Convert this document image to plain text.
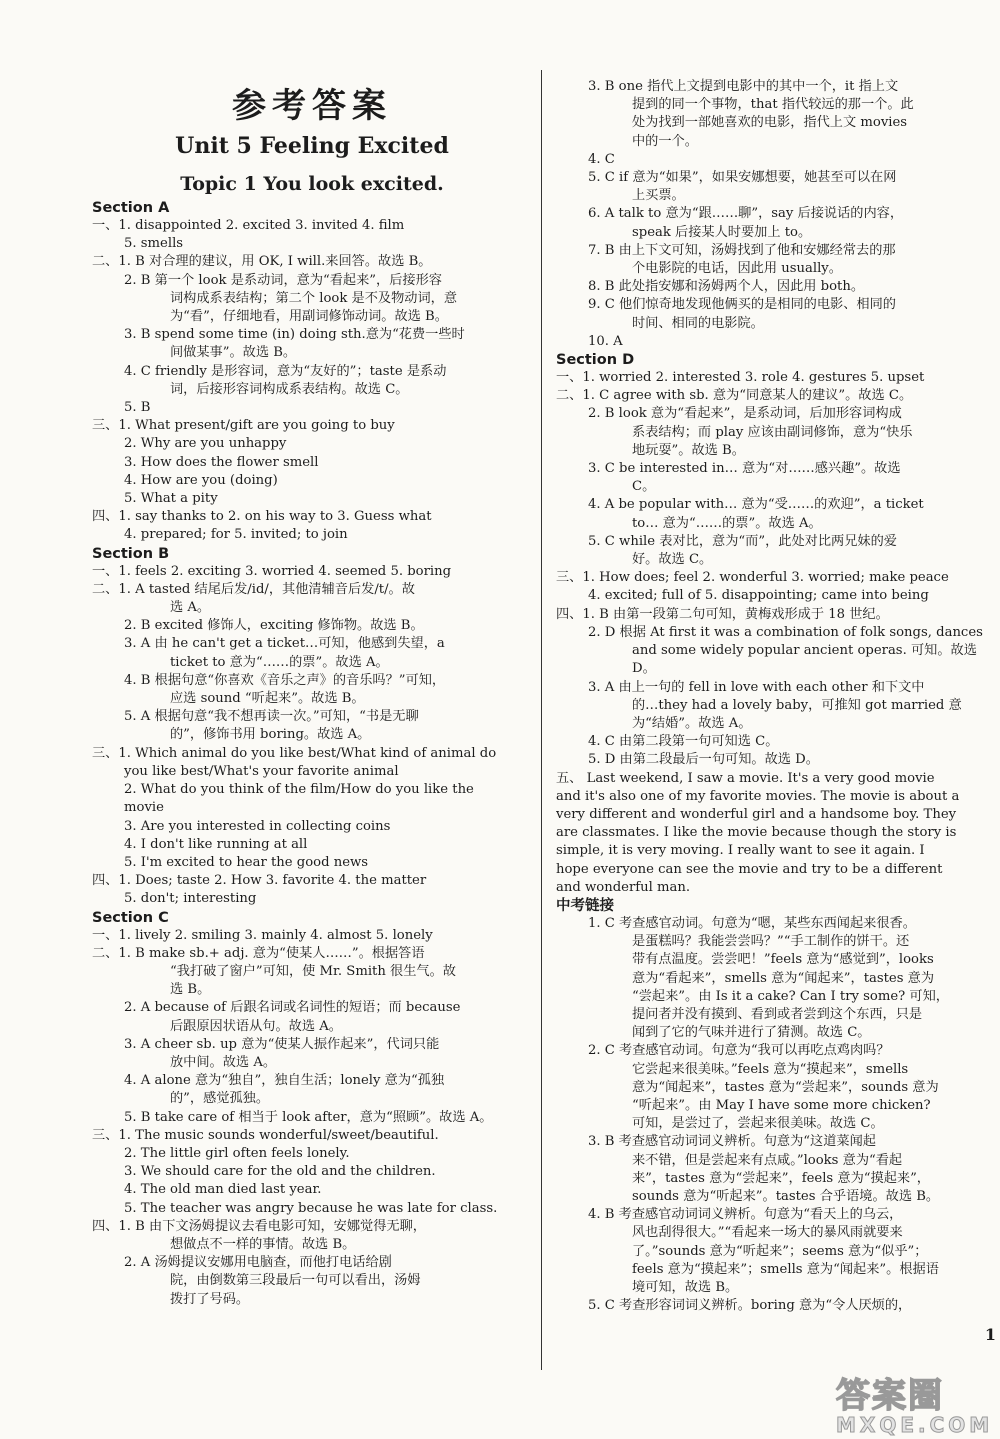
参考答案
Unit 5 Feeling Excited
Topic 1 You look excited.
Section A
一、1. disappointed 2. excited 3. invited 4. film
5. smells
二、1. B 对合理的建议，用 OK, I will.来回答。故选 B。
2. B 第一个 look 是系动词，意为“看起来”，后接形容
词构成系表结构；第二个 look 是不及物动词，意
为“看”，仔细地看，用副词修饰动词。故选 B。
3. B spend some time (in) doing sth.意为“花费一些时
间做某事”。故选 B。
4. C friendly 是形容词，意为“友好的”；taste 是系动
词，后接形容词构成系表结构。故选 C。
5. B
三、1. What present/gift are you going to buy
2. Why are you unhappy
3. How does the flower smell
4. How are you (doing)
5. What a pity
四、1. say thanks to 2. on his way to 3. Guess what
4. prepared; for 5. invited; to join
Section B
一、1. feels 2. exciting 3. worried 4. seemed 5. boring
二、1. A tasted 结尾后发/id/，其他清辅音后发/t/。故
选 A。
2. B excited 修饰人，exciting 修饰物。故选 B。
3. A 由 he can't get a ticket…可知，他感到失望，a
ticket to 意为“……的票”。故选 A。
4. B 根据句意“你喜欢《音乐之声》的音乐吗？”可知，
应选 sound “听起来”。故选 B。
5. A 根据句意“我不想再读一次。”可知，“书是无聊
的”，修饰书用 boring。故选 A。
三、1. Which animal do you like best/What kind of animal do
you like best/What's your favorite animal
2. What do you think of the film/How do you like the
movie
3. Are you interested in collecting coins
4. I don't like running at all
5. I'm excited to hear the good news
四、1. Does; taste 2. How 3. favorite 4. the matter
5. don't; interesting
Section C
一、1. lively 2. smiling 3. mainly 4. almost 5. lonely
二、1. B make sb.+ adj. 意为“使某人……”。根据答语
“我打破了窗户”可知，使 Mr. Smith 很生气。故
选 B。
2. A because of 后跟名词或名词性的短语；而 because
后跟原因状语从句。故选 A。
3. A cheer sb. up 意为“使某人振作起来”，代词只能
放中间。故选 A。
4. A alone 意为“独自”，独自生活；lonely 意为“孤独
的”，感觉孤独。
5. B take care of 相当于 look after，意为“照顾”。故选 A。
三、1. The music sounds wonderful/sweet/beautiful.
2. The little girl often feels lonely.
3. We should care for the old and the children.
4. The old man died last year.
5. The teacher was angry because he was late for class.
四、1. B 由下文汤姆提议去看电影可知，安娜觉得无聊，
想做点不一样的事情。故选 B。
2. A 汤姆提议安娜用电脑查，而他打电话给剧
院，由倒数第三段最后一句可以看出，汤姆
拨打了号码。
3. B one 指代上文提到电影中的其中一个，it 指上文
提到的同一个事物，that 指代较远的那一个。此
处为找到一部她喜欢的电影，指代上文 movies
中的一个。
4. C
5. C if 意为“如果”，如果安娜想要，她甚至可以在网
上买票。
6. A talk to 意为“跟……聊”，say 后接说话的内容，
speak 后接某人时要加上 to。
7. B 由上下文可知，汤姆找到了他和安娜经常去的那
个电影院的电话，因此用 usually。
8. B 此处指安娜和汤姆两个人，因此用 both。
9. C 他们惊奇地发现他俩买的是相同的电影、相同的
时间、相同的电影院。
10. A
Section D
一、1. worried 2. interested 3. role 4. gestures 5. upset
二、1. C agree with sb. 意为“同意某人的建议”。故选 C。
2. B look 意为“看起来”，是系动词，后加形容词构成
系表结构；而 play 应该由副词修饰，意为“快乐
地玩耍”。故选 B。
3. C be interested in… 意为“对……感兴趣”。故选
C。
4. A be popular with… 意为“受……的欢迎”，a ticket
to… 意为“……的票”。故选 A。
5. C while 表对比，意为“而”，此处对比两兄妹的爱
好。故选 C。
三、1. How does; feel 2. wonderful 3. worried; make peace
4. excited; full of 5. disappointing; came into being
四、1. B 由第一段第二句可知，黄梅戏形成于 18 世纪。
2. D 根据 At first it was a combination of folk songs, dances
and some widely popular ancient operas. 可知。故选
D。
3. A 由上一句的 fell in love with each other 和下文中
的…they had a lovely baby，可推知 got married 意
为“结婚”。故选 A。
4. C 由第二段第一句可知选 C。
5. D 由第二段最后一句可知。故选 D。
五、 Last weekend, I saw a movie. It's a very good movie
and it's also one of my favorite movies. The movie is about a
very different and wonderful girl and a handsome boy. They
are classmates. I like the movie because though the story is
simple, it is very moving. I really want to see it again. I
hope everyone can see the movie and try to be a different
and wonderful man.
中考链接
1. C 考查感官动词。句意为“嗯，某些东西闻起来很香。
是蛋糕吗？我能尝尝吗？”“手工制作的饼干。还
带有点温度。尝尝吧！”feels 意为“感觉到”，looks
意为“看起来”，smells 意为“闻起来”，tastes 意为
“尝起来”。由 Is it a cake? Can I try some? 可知，
提问者并没有摸到、看到或者尝到这个东西，只是
闻到了它的气味并进行了猜测。故选 C。
2. C 考查感官动词。句意为“我可以再吃点鸡肉吗？
它尝起来很美味。”feels 意为“摸起来”，smells
意为“闻起来”，tastes 意为“尝起来”，sounds 意为
“听起来”。由 May I have some more chicken?
可知，是尝过了，尝起来很美味。故选 C。
3. B 考查感官动词词义辨析。句意为“这道菜闻起
来不错，但是尝起来有点咸。”looks 意为“看起
来”，tastes 意为“尝起来”，feels 意为“摸起来”，
sounds 意为“听起来”。tastes 合乎语境。故选 B。
4. B 考查感官动词词义辨析。句意为“看天上的乌云，
风也刮得很大。”“看起来一场大的暴风雨就要来
了。”sounds 意为“听起来”；seems 意为“似乎”；
feels 意为“摸起来”；smells 意为“闻起来”。根据语
境可知，故选 B。
5. C 考查形容词词义辨析。boring 意为“令人厌烦的，
1
答案圈
MXQE.COM
